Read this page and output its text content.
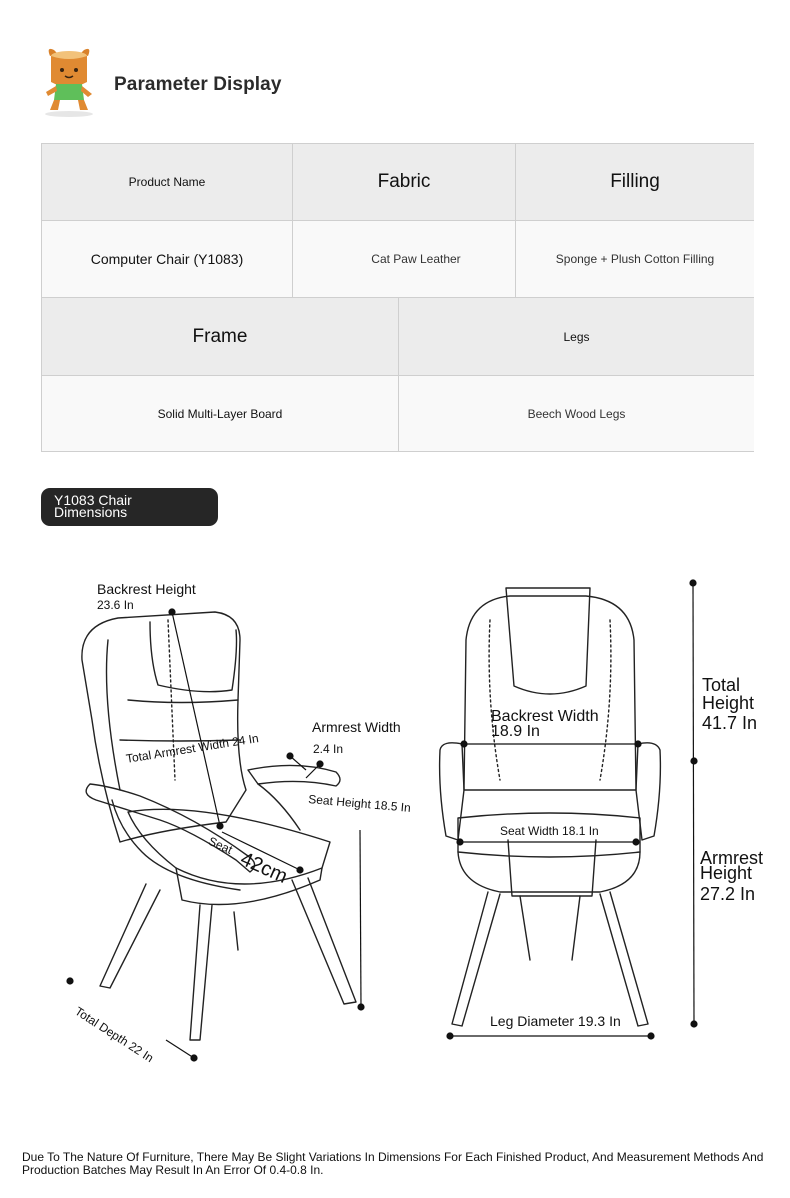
Parameter Display
Product Name	Fabric	Filling
Computer Chair (Y1083)	Cat Paw Leather	Sponge + Plush Cotton Filling
Frame	Legs
Solid Multi-Layer Board	Beech Wood Legs
Y1083 Chair
Dimensions
Backrest Height
23.6 In
Armrest Width
2.4 In
Total Armrest Width 24 In
Seat Height 18.5 In
Seat
42cm
Total Depth 22 In
Backrest Width
18.9 In
Seat Width 18.1 In
Leg Diameter 19.3 In
Total
Height
41.7 In
Armrest
Height
27.2 In
Due To The Nature Of Furniture, There May Be Slight Variations In Dimensions For Each Finished Product, And Measurement Methods And Production Batches May Result In An Error Of 0.4-0.8 In.
